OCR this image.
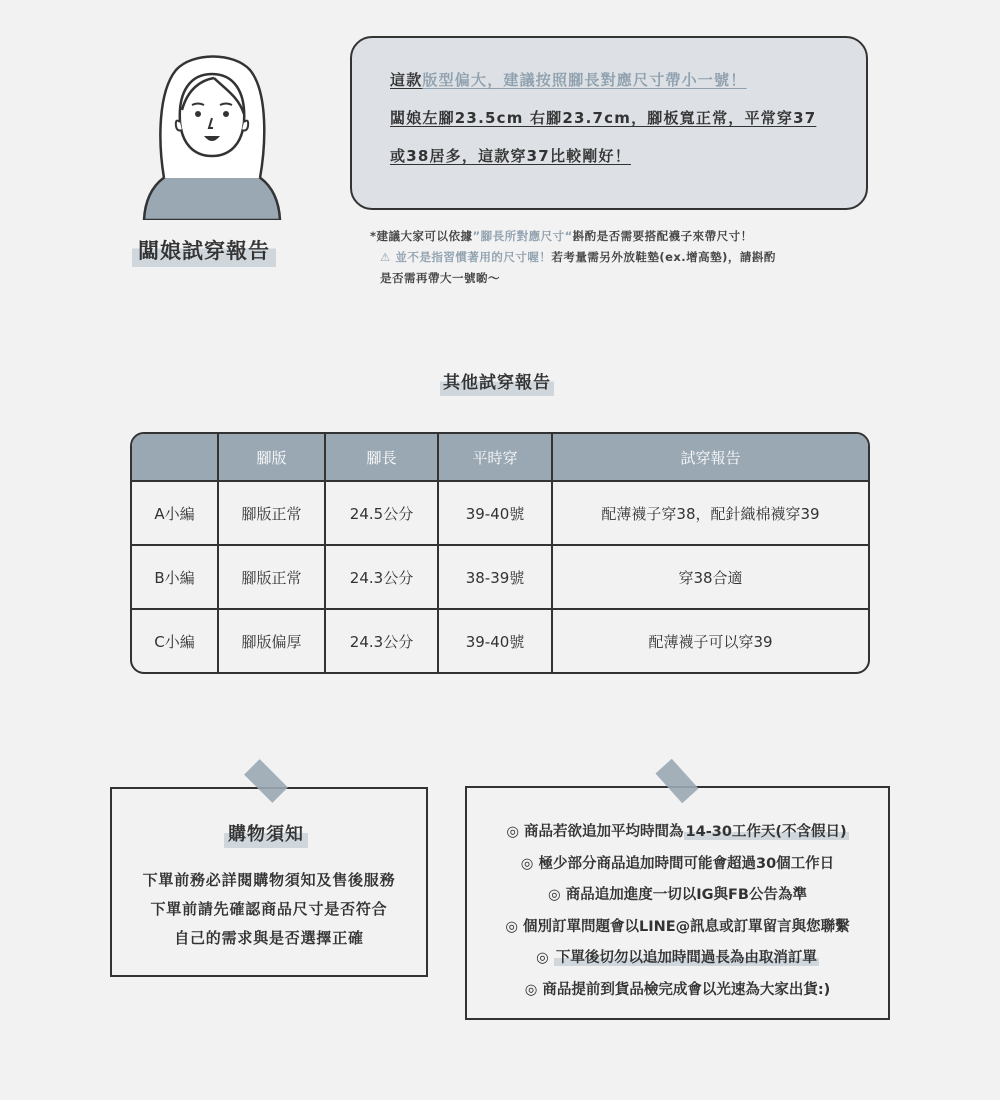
闆娘試穿報告
這款版型偏大，建議按照腳長對應尺寸帶小一號！
闆娘左腳23.5cm 右腳23.7cm，腳板寬正常，平常穿37
或38居多，這款穿37比較剛好！
*建議大家可以依據”腳長所對應尺寸“斟酌是否需要搭配襪子來帶尺寸！
⚠ 並不是指習慣著用的尺寸喔！若考量需另外放鞋墊(ex.增高墊)，請斟酌
是否需再帶大一號喲～
其他試穿報告
	腳版	腳長	平時穿	試穿報告
A小編	腳版正常	24.5公分	39-40號	配薄襪子穿38，配針織棉襪穿39
B小編	腳版正常	24.3公分	38-39號	穿38合適
C小編	腳版偏厚	24.3公分	39-40號	配薄襪子可以穿39
購物須知
下單前務必詳閱購物須知及售後服務
下單前請先確認商品尺寸是否符合
自己的需求與是否選擇正確
◎ 商品若欲追加平均時間為 14-30工作天(不含假日)
◎ 極少部分商品追加時間可能會超過30個工作日
◎ 商品追加進度一切以IG與FB公告為準
◎ 個別訂單問題會以LINE@訊息或訂單留言與您聯繫
◎ 下單後切勿以追加時間過長為由取消訂單
◎ 商品提前到貨品檢完成會以光速為大家出貨:)
